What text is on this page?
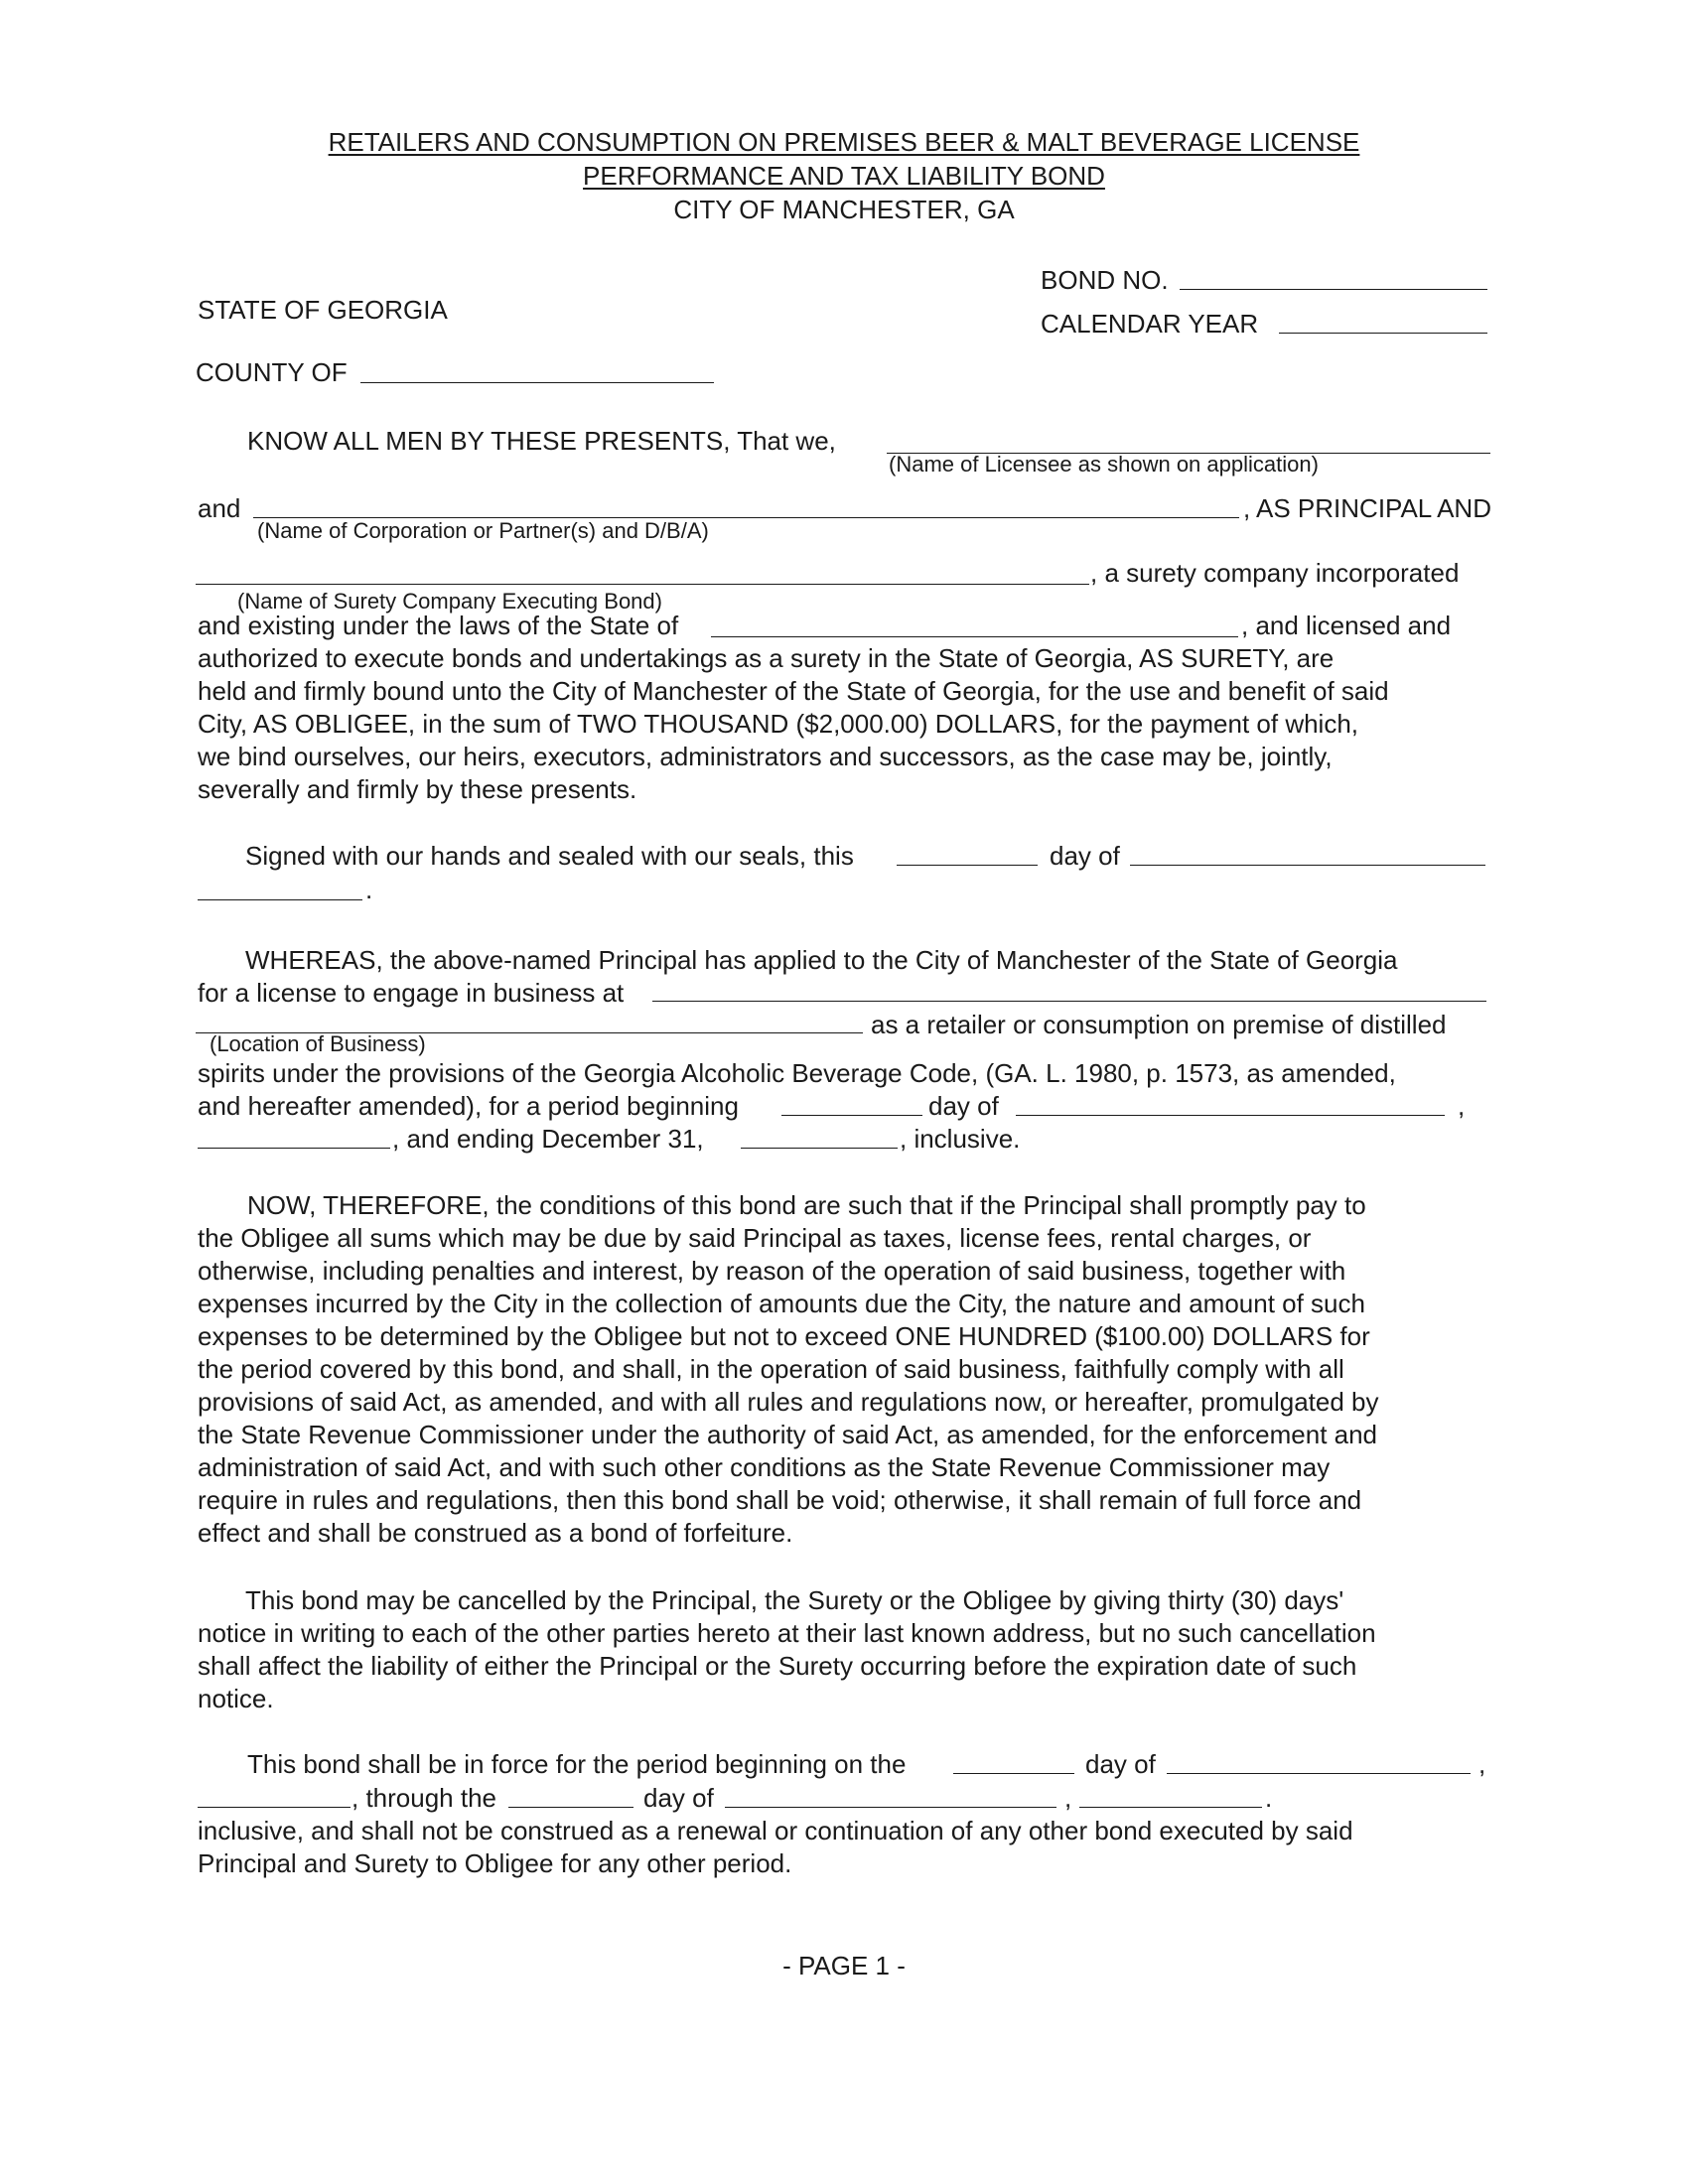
RETAILERS AND CONSUMPTION ON PREMISES BEER & MALT BEVERAGE LICENSE
PERFORMANCE AND TAX LIABILITY BOND
CITY OF MANCHESTER, GA
BOND NO.
STATE OF GEORGIA	CALENDAR YEAR
COUNTY OF
KNOW ALL MEN BY THESE PRESENTS, That we,
(Name of Licensee as shown on application)
and	, AS PRINCIPAL AND
(Name of Corporation or Partner(s) and D/B/A)
, a surety company incorporated
(Name of Surety Company Executing Bond)
and existing under the laws of the State of	, and licensed and
authorized to execute bonds and undertakings as a surety in the State of Georgia, AS SURETY, are
held and firmly bound unto the City of Manchester of the State of Georgia, for the use and benefit of said
City, AS OBLIGEE, in the sum of TWO THOUSAND ($2,000.00) DOLLARS, for the payment of which,
we bind ourselves, our heirs, executors, administrators and successors, as the case may be, jointly,
severally and firmly by these presents.
Signed with our hands and sealed with our seals, this	day of
.
WHEREAS, the above-named Principal has applied to the City of Manchester of the State of Georgia
for a license to engage in business at
as a retailer or consumption on premise of distilled
(Location of Business)
spirits under the provisions of the Georgia Alcoholic Beverage Code, (GA. L. 1980, p. 1573, as amended,
and hereafter amended), for a period beginning	day of	,
, and ending December 31,	, inclusive.
NOW, THEREFORE, the conditions of this bond are such that if the Principal shall promptly pay to
the Obligee all sums which may be due by said Principal as taxes, license fees, rental charges, or
otherwise, including penalties and interest, by reason of the operation of said business, together with
expenses incurred by the City in the collection of amounts due the City, the nature and amount of such
expenses to be determined by the Obligee but not to exceed ONE HUNDRED ($100.00) DOLLARS for
the period covered by this bond, and shall, in the operation of said business, faithfully comply with all
provisions of said Act, as amended, and with all rules and regulations now, or hereafter, promulgated by
the State Revenue Commissioner under the authority of said Act, as amended, for the enforcement and
administration of said Act, and with such other conditions as the State Revenue Commissioner may
require in rules and regulations, then this bond shall be void; otherwise, it shall remain of full force and
effect and shall be construed as a bond of forfeiture.
This bond may be cancelled by the Principal, the Surety or the Obligee by giving thirty (30) days'
notice in writing to each of the other parties hereto at their last known address, but no such cancellation
shall affect the liability of either the Principal or the Surety occurring before the expiration date of such
notice.
This bond shall be in force for the period beginning on the	day of	,
, through the	day of	,	.
inclusive, and shall not be construed as a renewal or continuation of any other bond executed by said
Principal and Surety to Obligee for any other period.
- PAGE 1 -
